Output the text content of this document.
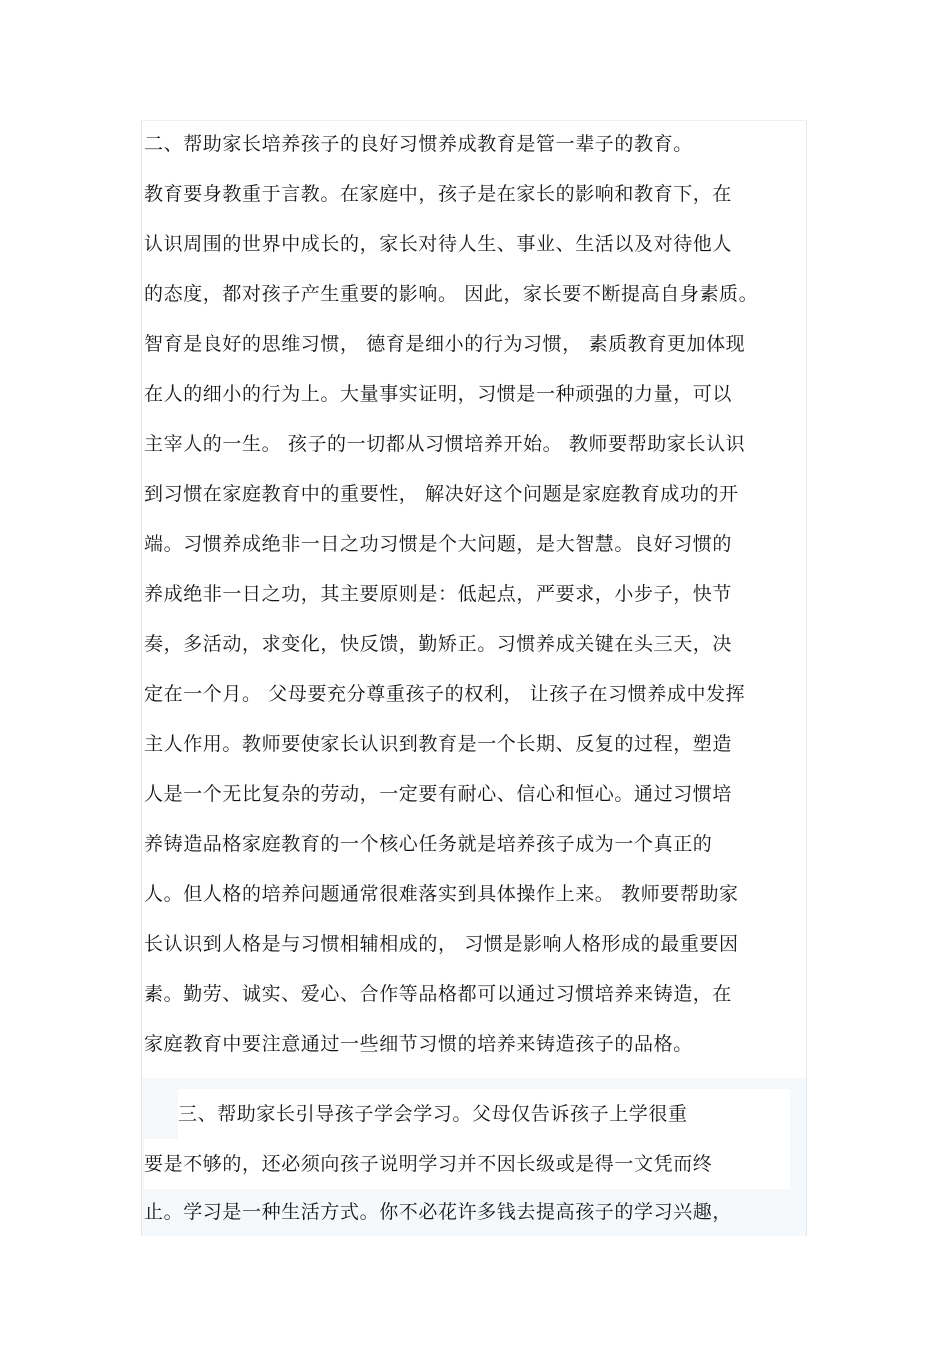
二、帮助家长培养孩子的良好习惯养成教育是管一辈子的教育。
教育要身教重于言教。在家庭中，孩子是在家长的影响和教育下，在
认识周围的世界中成长的，家长对待人生、事业、生活以及对待他人
的态度，都对孩子产生重要的影响。 因此，家长要不断提高自身素质。
智育是良好的思维习惯， 德育是细小的行为习惯， 素质教育更加体现
在人的细小的行为上。大量事实证明，习惯是一种顽强的力量，可以
主宰人的一生。 孩子的一切都从习惯培养开始。 教师要帮助家长认识
到习惯在家庭教育中的重要性， 解决好这个问题是家庭教育成功的开
端。习惯养成绝非一日之功习惯是个大问题，是大智慧。良好习惯的
养成绝非一日之功，其主要原则是：低起点，严要求，小步子，快节
奏，多活动，求变化，快反馈，勤矫正。习惯养成关键在头三天，决
定在一个月。 父母要充分尊重孩子的权利， 让孩子在习惯养成中发挥
主人作用。教师要使家长认识到教育是一个长期、反复的过程，塑造
人是一个无比复杂的劳动，一定要有耐心、信心和恒心。通过习惯培
养铸造品格家庭教育的一个核心任务就是培养孩子成为一个真正的
人。但人格的培养问题通常很难落实到具体操作上来。 教师要帮助家
长认识到人格是与习惯相辅相成的， 习惯是影响人格形成的最重要因
素。勤劳、诚实、爱心、合作等品格都可以通过习惯培养来铸造，在
家庭教育中要注意通过一些细节习惯的培养来铸造孩子的品格。
三、帮助家长引导孩子学会学习。父母仅告诉孩子上学很重
要是不够的，还必须向孩子说明学习并不因长级或是得一文凭而终
止。学习是一种生活方式。你不必花许多钱去提高孩子的学习兴趣，
